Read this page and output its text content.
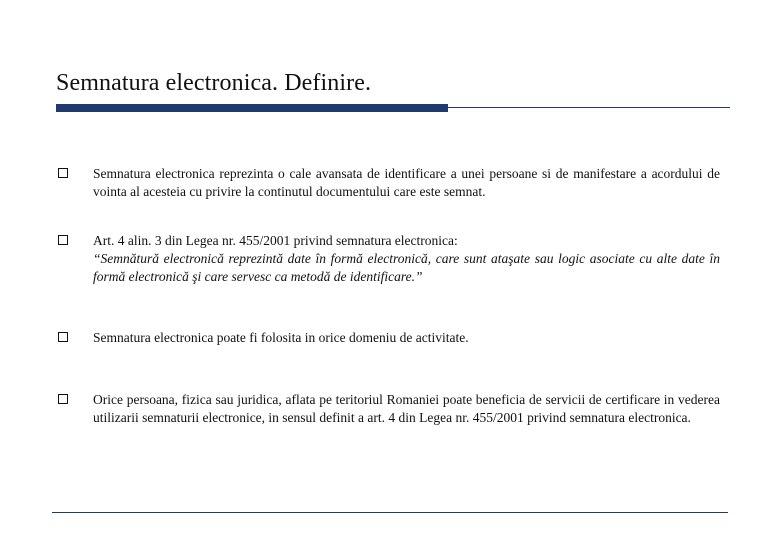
Semnatura electronica. Definire.
Semnatura electronica reprezinta o cale avansata de identificare a unei persoane si de manifestare a acordului de vointa al acesteia cu privire la continutul documentului care este semnat.
Art. 4 alin. 3 din Legea nr. 455/2001 privind semnatura electronica:
“Semnătură electronică reprezintă date în formă electronică, care sunt ataşate sau logic asociate cu alte date în formă electronică şi care servesc ca metodă de identificare.”
Semnatura electronica poate fi folosita in orice domeniu de activitate.
Orice persoana, fizica sau juridica, aflata pe teritoriul Romaniei poate beneficia de servicii de certificare in vederea utilizarii semnaturii electronice, in sensul definit a art. 4 din Legea nr. 455/2001 privind semnatura electronica.
